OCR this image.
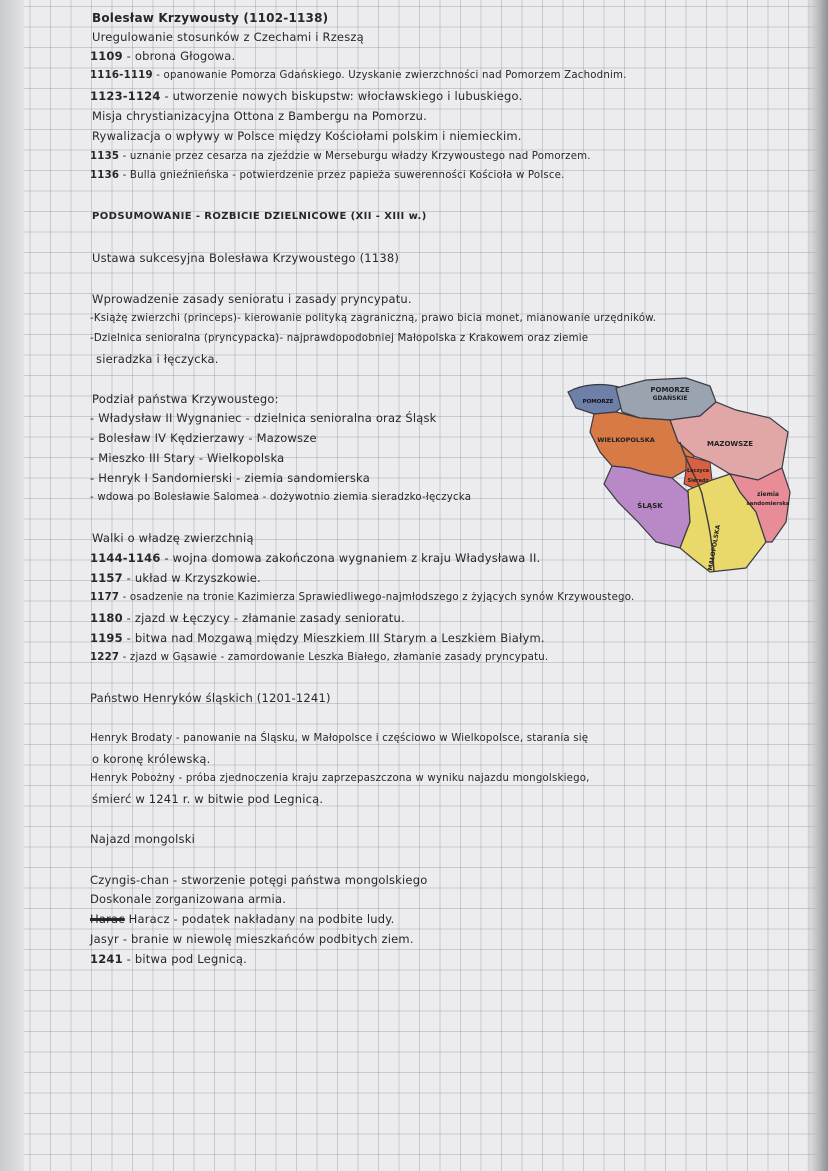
Bolesław Krzywousty (1102-1138)
Uregulowanie stosunków z Czechami i Rzeszą
1109 - obrona Głogowa.
1116-1119 - opanowanie Pomorza Gdańskiego. Uzyskanie zwierzchności nad Pomorzem Zachodnim.
1123-1124 - utworzenie nowych biskupstw: włocławskiego i lubuskiego.
Misja chrystianizacyjna Ottona z Bambergu na Pomorzu.
Rywalizacja o wpływy w Polsce między Kościołami polskim i niemieckim.
1135 - uznanie przez cesarza na zjeździe w Merseburgu władzy Krzywoustego nad Pomorzem.
1136 - Bulla gnieźnieńska - potwierdzenie przez papieża suwerenności Kościoła w Polsce.
PODSUMOWANIE - ROZBICIE DZIELNICOWE (XII - XIII w.)
Ustawa sukcesyjna Bolesława Krzywoustego (1138)
Wprowadzenie zasady senioratu i zasady pryncypatu.
-Książę zwierzchi (princeps)- kierowanie polityką zagraniczną, prawo bicia monet, mianowanie urzędników.
-Dzielnica senioralna (pryncypacka)- najprawdopodobniej Małopolska z Krakowem oraz ziemie
sieradzka i łęczycka.
Podział państwa Krzywoustego:
- Władysław II Wygnaniec - dzielnica senioralna oraz Śląsk
- Bolesław IV Kędzierzawy - Mazowsze
- Mieszko III Stary - Wielkopolska
- Henryk I Sandomierski - ziemia sandomierska
- wdowa po Bolesławie Salomea - dożywotnio ziemia sieradzko-łęczycka
POMORZE
GDAŃSKIE
POMORZE
MAZOWSZE
WIELKOPOLSKA
Łęczyca
Sieradz
ŚLĄSK
MAŁOPOLSKA
ziemia
sandomierska
Walki o władzę zwierzchnią
1144-1146 - wojna domowa zakończona wygnaniem z kraju Władysława II.
1157 - układ w Krzyszkowie.
1177 - osadzenie na tronie Kazimierza Sprawiedliwego-najmłodszego z żyjących synów Krzywoustego.
1180 - zjazd w Łęczycy - złamanie zasady senioratu.
1195 - bitwa nad Mozgawą między Mieszkiem III Starym a Leszkiem Białym.
1227 - zjazd w Gąsawie - zamordowanie Leszka Białego, złamanie zasady pryncypatu.
Państwo Henryków śląskich (1201-1241)
Henryk Brodaty - panowanie na Śląsku, w Małopolsce i częściowo w Wielkopolsce, starania się
o koronę królewską.
Henryk Pobożny - próba zjednoczenia kraju zaprzepaszczona w wyniku najazdu mongolskiego,
śmierć w 1241 r. w bitwie pod Legnicą.
Najazd mongolski
Czyngis-chan - stworzenie potęgi państwa mongolskiego
Doskonale zorganizowana armia.
Harac Haracz - podatek nakładany na podbite ludy.
Jasyr - branie w niewolę mieszkańców podbitych ziem.
1241 - bitwa pod Legnicą.
